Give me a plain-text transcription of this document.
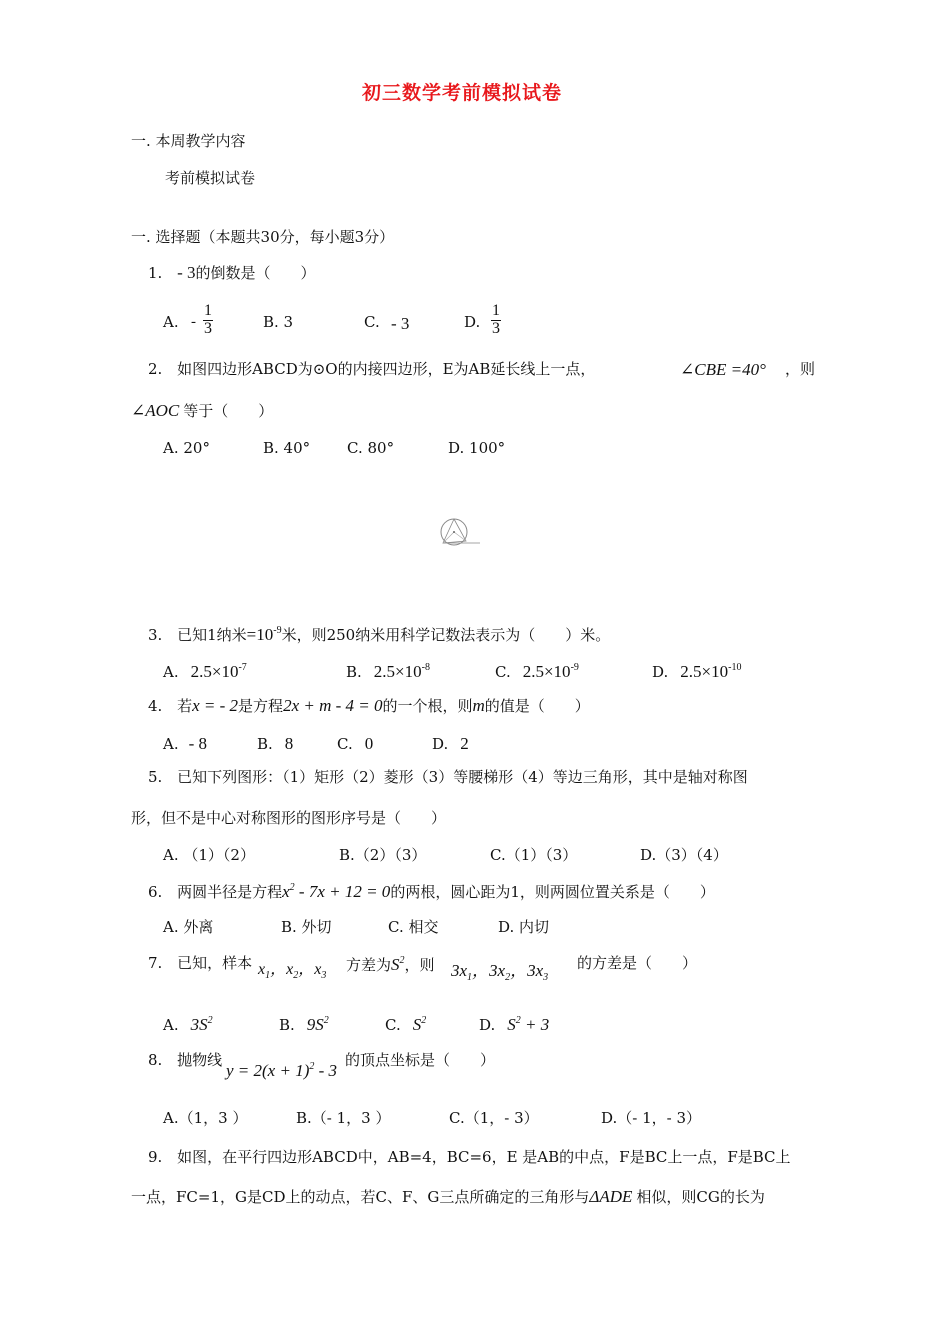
初三数学考前模拟试卷
一. 本周教学内容
考前模拟试卷
一. 选择题（本题共30分，每小题3分）
1. - 3的倒数是（　　）
A. - $\frac{1}{3}$	B. 3	C. - 3	D. $\frac{1}{3}$
2. 如图四边形ABCD为⊙O的内接四边形，E为AB延长线上一点，	∠CBE =40° ，则
∠AOC 等于（　　）
A. 20°	B. 40° C. 80°	D. 100°
3. 已知1纳米$=10^{-9}$米，则250纳米用科学记数法表示为（　　）米。
A. $2.5\times 10^{-7}$	B. $2.5\times 10^{-8}$	C. $2.5\times 10^{-9}$	D. $2.5\times 10^{-10}$
4. 若x = - 2是方程2x + m - 4 = 0的一个根，则m的值是（　　）
A. - 8	B. 8	C. 0	D. 2
5. 已知下列图形：（1）矩形（2）菱形（3）等腰梯形（4）等边三角形，其中是轴对称图
形，但不是中心对称图形的图形序号是（　　）
A. （1）（2）	B.（2）（3）	C.（1）（3）	D.（3）（4）
6. 两圆半径是方程$x^2 - 7x + 12 = 0$的两根，圆心距为1，则两圆位置关系是（　　）
A. 外离	B. 外切	C. 相交	D. 内切
7. 已知，样本 $x_1$，$x_2$，$x_3$
方差为$S^2$，则 $3x_1$，$3x_2$，$3x_3$
的方差是（　　）
A. $3S^2$	B. $9S^2$	C. $S^2$	D. $S^2 + 3$
8. 抛物线
$y = 2(x + 1)^2 - 3$
的顶点坐标是（　　）
A.（1，3 ）	B.（- 1，3 ）	C.（1，- 3）	D.（- 1，- 3）
9. 如图，在平行四边形ABCD中，AB=4，BC=6，E 是AB的中点，F是BC上一点，F是BC上
一点，FC=1，G是CD上的动点，若C、F、G三点所确定的三角形与ΔADE 相似，则CG的长为
